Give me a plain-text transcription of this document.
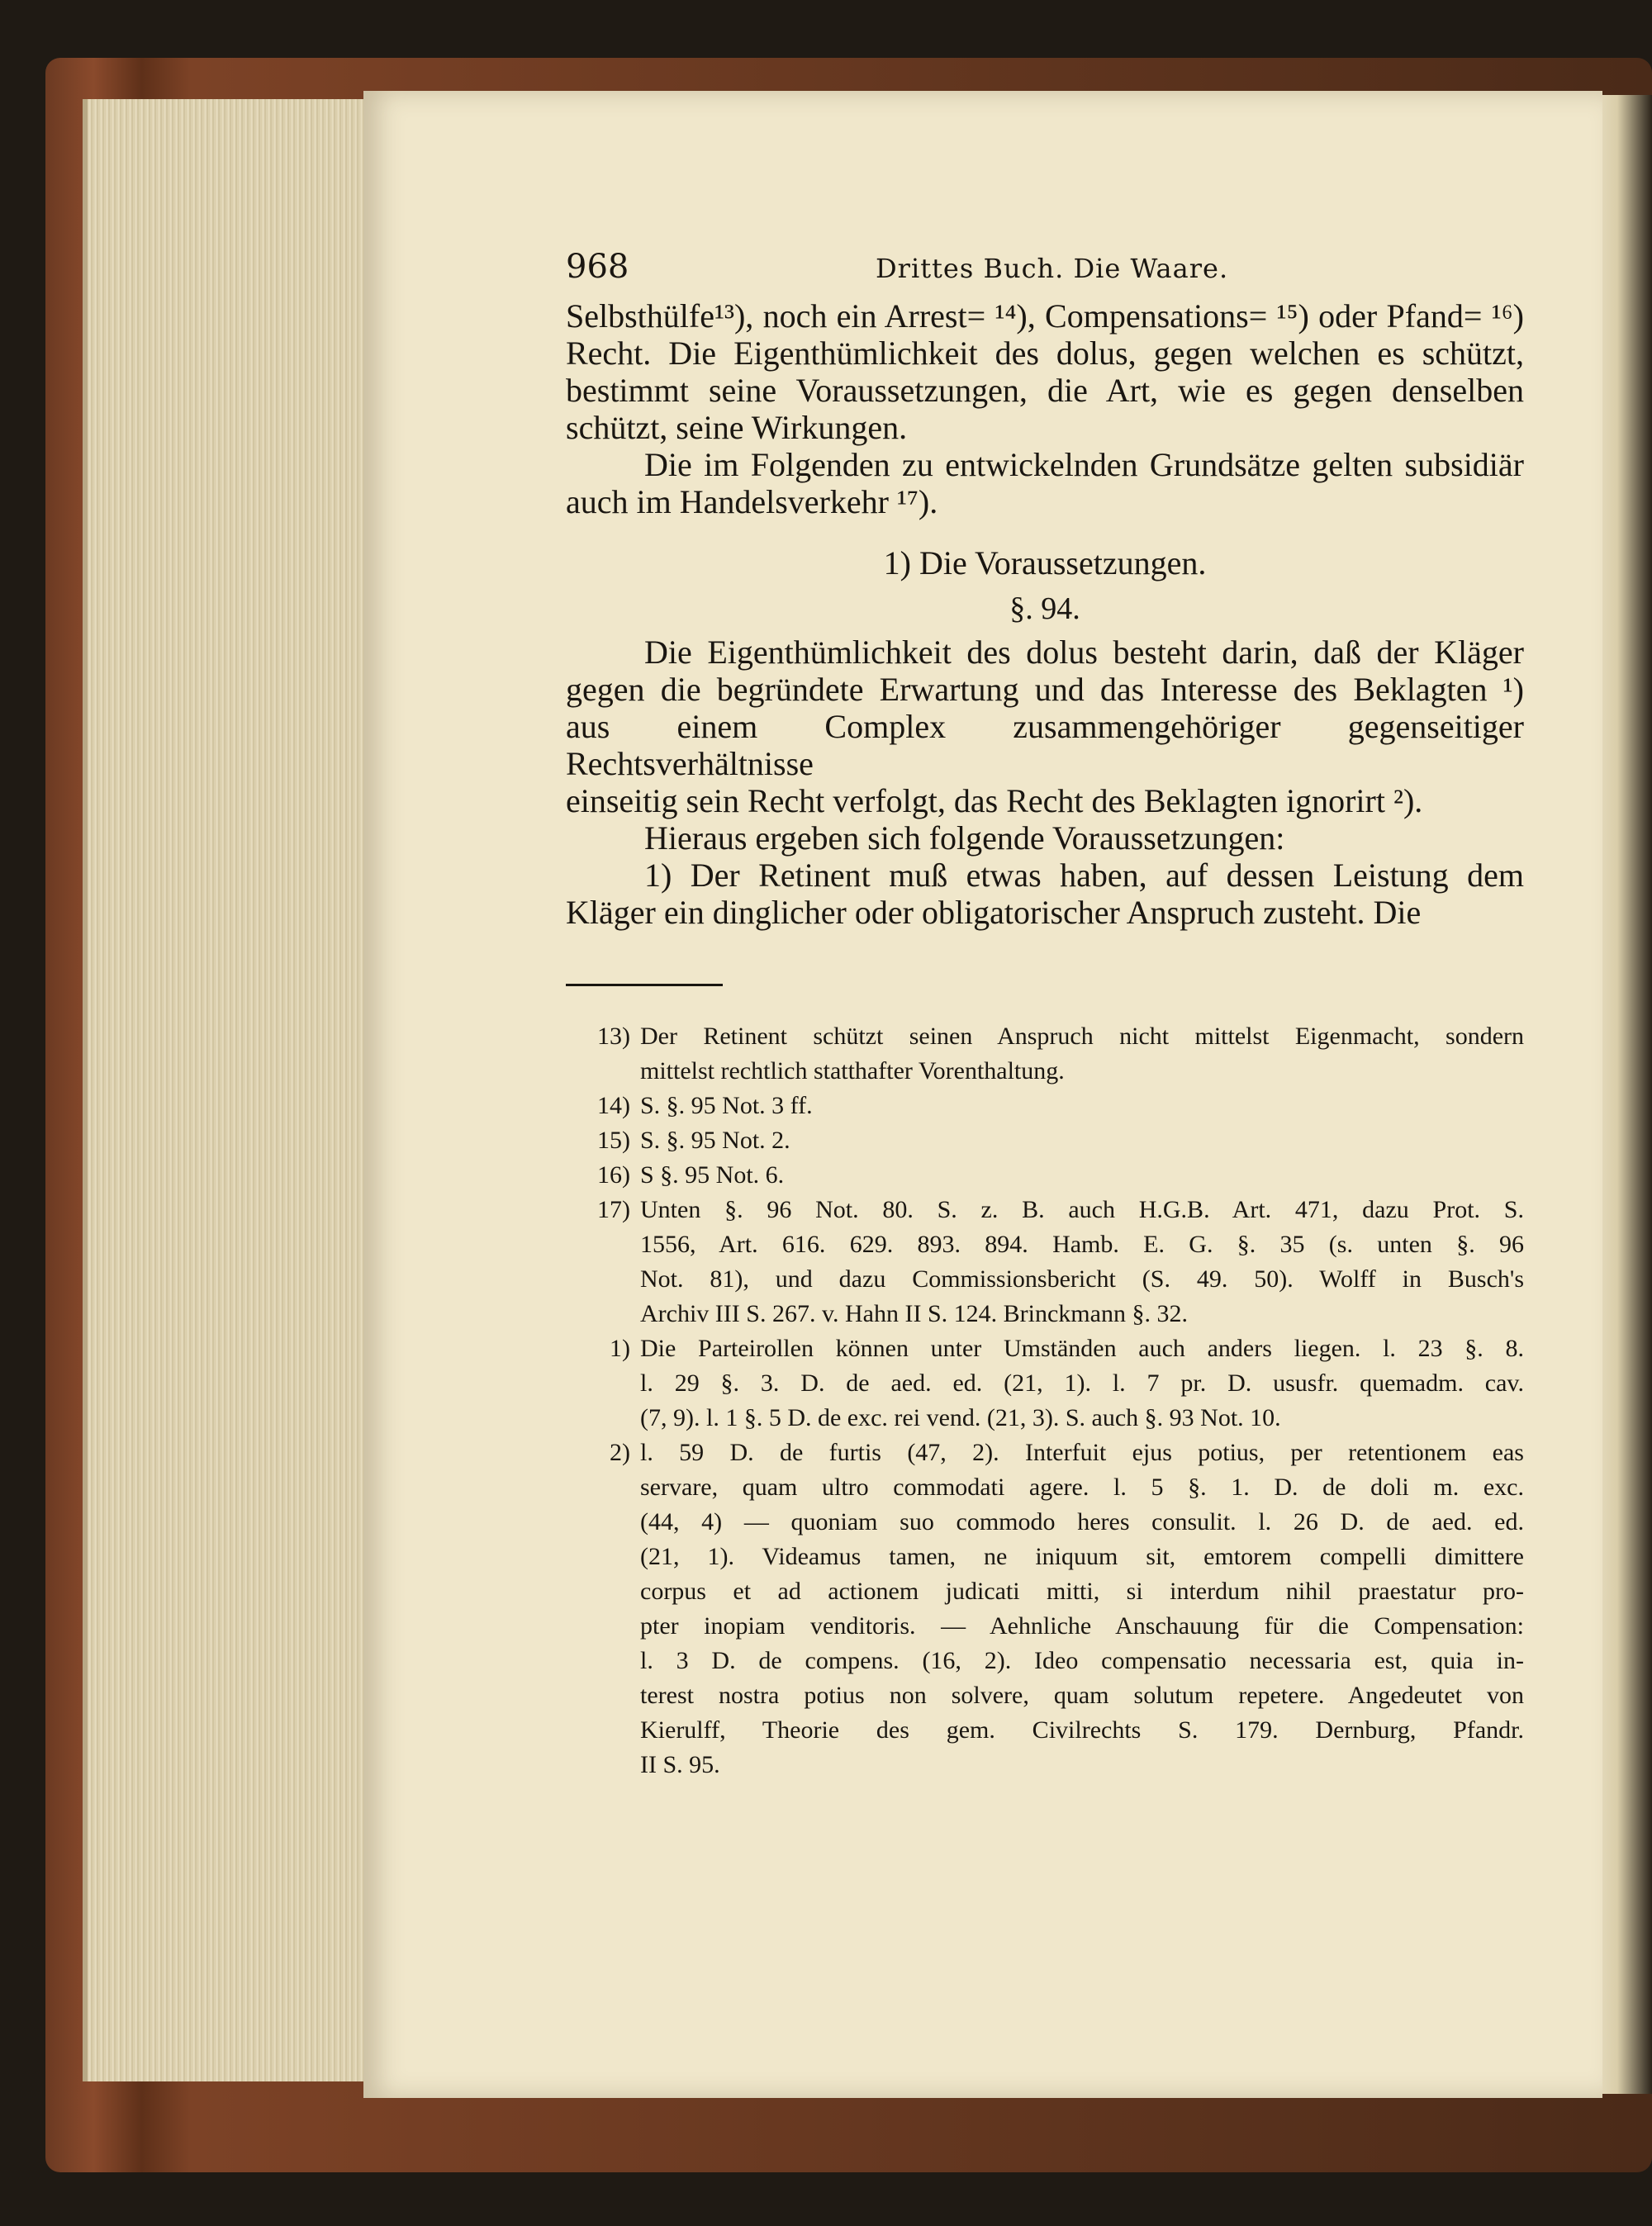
968	Drittes Buch. Die Waare.

Selbsthülfe¹³), noch ein Arrest= ¹⁴), Compensations= ¹⁵) oder Pfand= ¹⁶)
Recht. Die Eigenthümlichkeit des dolus, gegen welchen es schützt,
bestimmt seine Voraussetzungen, die Art, wie es gegen denselben
schützt, seine Wirkungen.

Die im Folgenden zu entwickelnden Grundsätze gelten subsidiär
auch im Handelsverkehr ¹⁷).

1) Die Voraussetzungen.
§. 94.

Die Eigenthümlichkeit des dolus besteht darin, daß der Kläger
gegen die begründete Erwartung und das Interesse des Beklagten ¹)
aus einem Complex zusammengehöriger gegenseitiger Rechtsverhältnisse
einseitig sein Recht verfolgt, das Recht des Beklagten ignorirt ²).

Hieraus ergeben sich folgende Voraussetzungen:

1) Der Retinent muß etwas haben, auf dessen Leistung dem
Kläger ein dinglicher oder obligatorischer Anspruch zusteht. Die

13) Der Retinent schützt seinen Anspruch nicht mittelst Eigenmacht, sondern
mittelst rechtlich statthafter Vorenthaltung.
14) S. §. 95 Not. 3 ff.
15) S. §. 95 Not. 2.
16) S §. 95 Not. 6.
17) Unten §. 96 Not. 80. S. z. B. auch H.G.B. Art. 471, dazu Prot. S.
1556, Art. 616. 629. 893. 894. Hamb. E. G. §. 35 (s. unten §. 96
Not. 81), und dazu Commissionsbericht (S. 49. 50). Wolff in Busch's
Archiv III S. 267. v. Hahn II S. 124. Brinckmann §. 32.
1) Die Parteirollen können unter Umständen auch anders liegen. l. 23 §. 8.
l. 29 §. 3. D. de aed. ed. (21, 1). l. 7 pr. D. ususfr. quemadm. cav.
(7, 9). l. 1 §. 5 D. de exc. rei vend. (21, 3). S. auch §. 93 Not. 10.
2) l. 59 D. de furtis (47, 2). Interfuit ejus potius, per retentionem eas
servare, quam ultro commodati agere. l. 5 §. 1. D. de doli m. exc.
(44, 4) — quoniam suo commodo heres consulit. l. 26 D. de aed. ed.
(21, 1). Videamus tamen, ne iniquum sit, emtorem compelli dimittere
corpus et ad actionem judicati mitti, si interdum nihil praestatur pro-
pter inopiam venditoris. — Aehnliche Anschauung für die Compensation:
l. 3 D. de compens. (16, 2). Ideo compensatio necessaria est, quia in-
terest nostra potius non solvere, quam solutum repetere. Angedeutet von
Kierulff, Theorie des gem. Civilrechts S. 179. Dernburg, Pfandr.
II S. 95.
